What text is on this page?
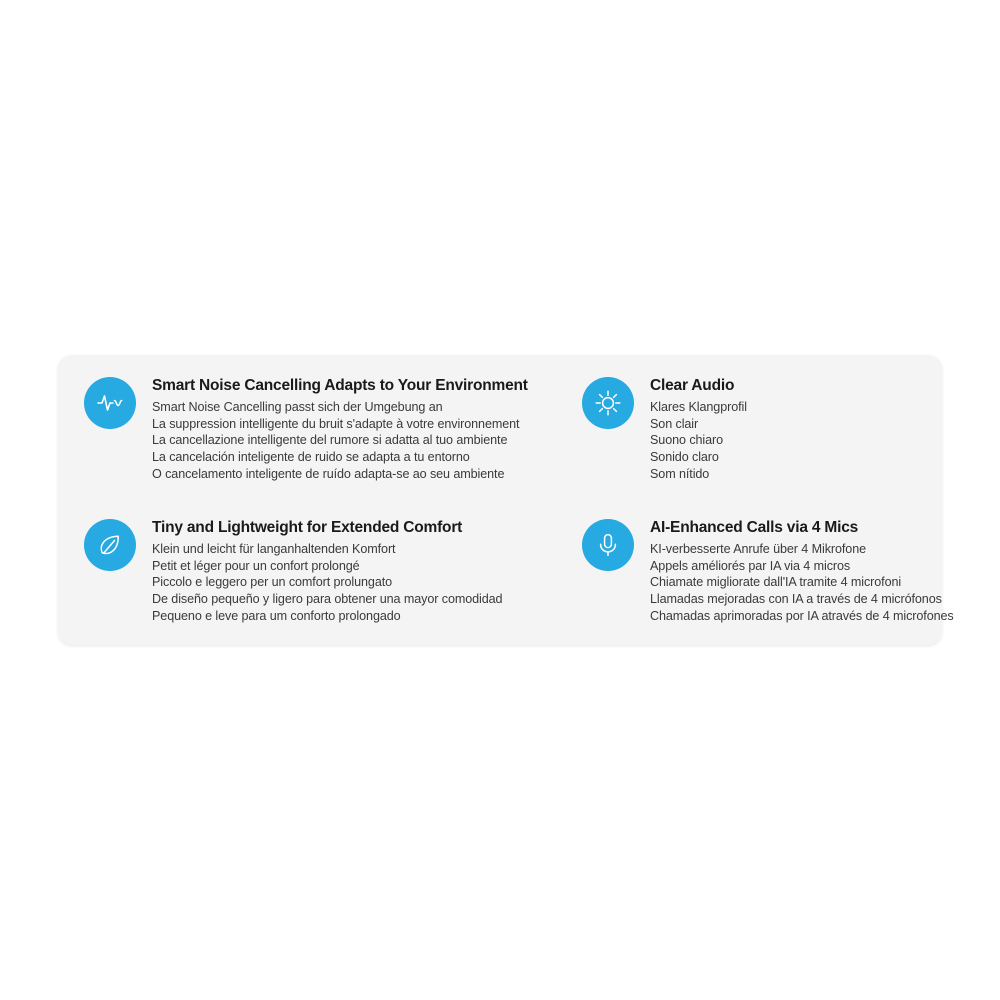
Smart Noise Cancelling Adapts to Your Environment

Smart Noise Cancelling passt sich der Umgebung an
La suppression intelligente du bruit s'adapte à votre environnement
La cancellazione intelligente del rumore si adatta al tuo ambiente
La cancelación inteligente de ruido se adapta a tu entorno
O cancelamento inteligente de ruído adapta-se ao seu ambiente

Clear Audio

Klares Klangprofil
Son clair
Suono chiaro
Sonido claro
Som nítido

Tiny and Lightweight for Extended Comfort

Klein und leicht für langanhaltenden Komfort
Petit et léger pour un confort prolongé
Piccolo e leggero per un comfort prolungato
De diseño pequeño y ligero para obtener una mayor comodidad
Pequeno e leve para um conforto prolongado

AI-Enhanced Calls via 4 Mics

KI-verbesserte Anrufe über 4 Mikrofone
Appels améliorés par IA via 4 micros
Chiamate migliorate dall'IA tramite 4 microfoni
Llamadas mejoradas con IA a través de 4 micrófonos
Chamadas aprimoradas por IA através de 4 microfones
